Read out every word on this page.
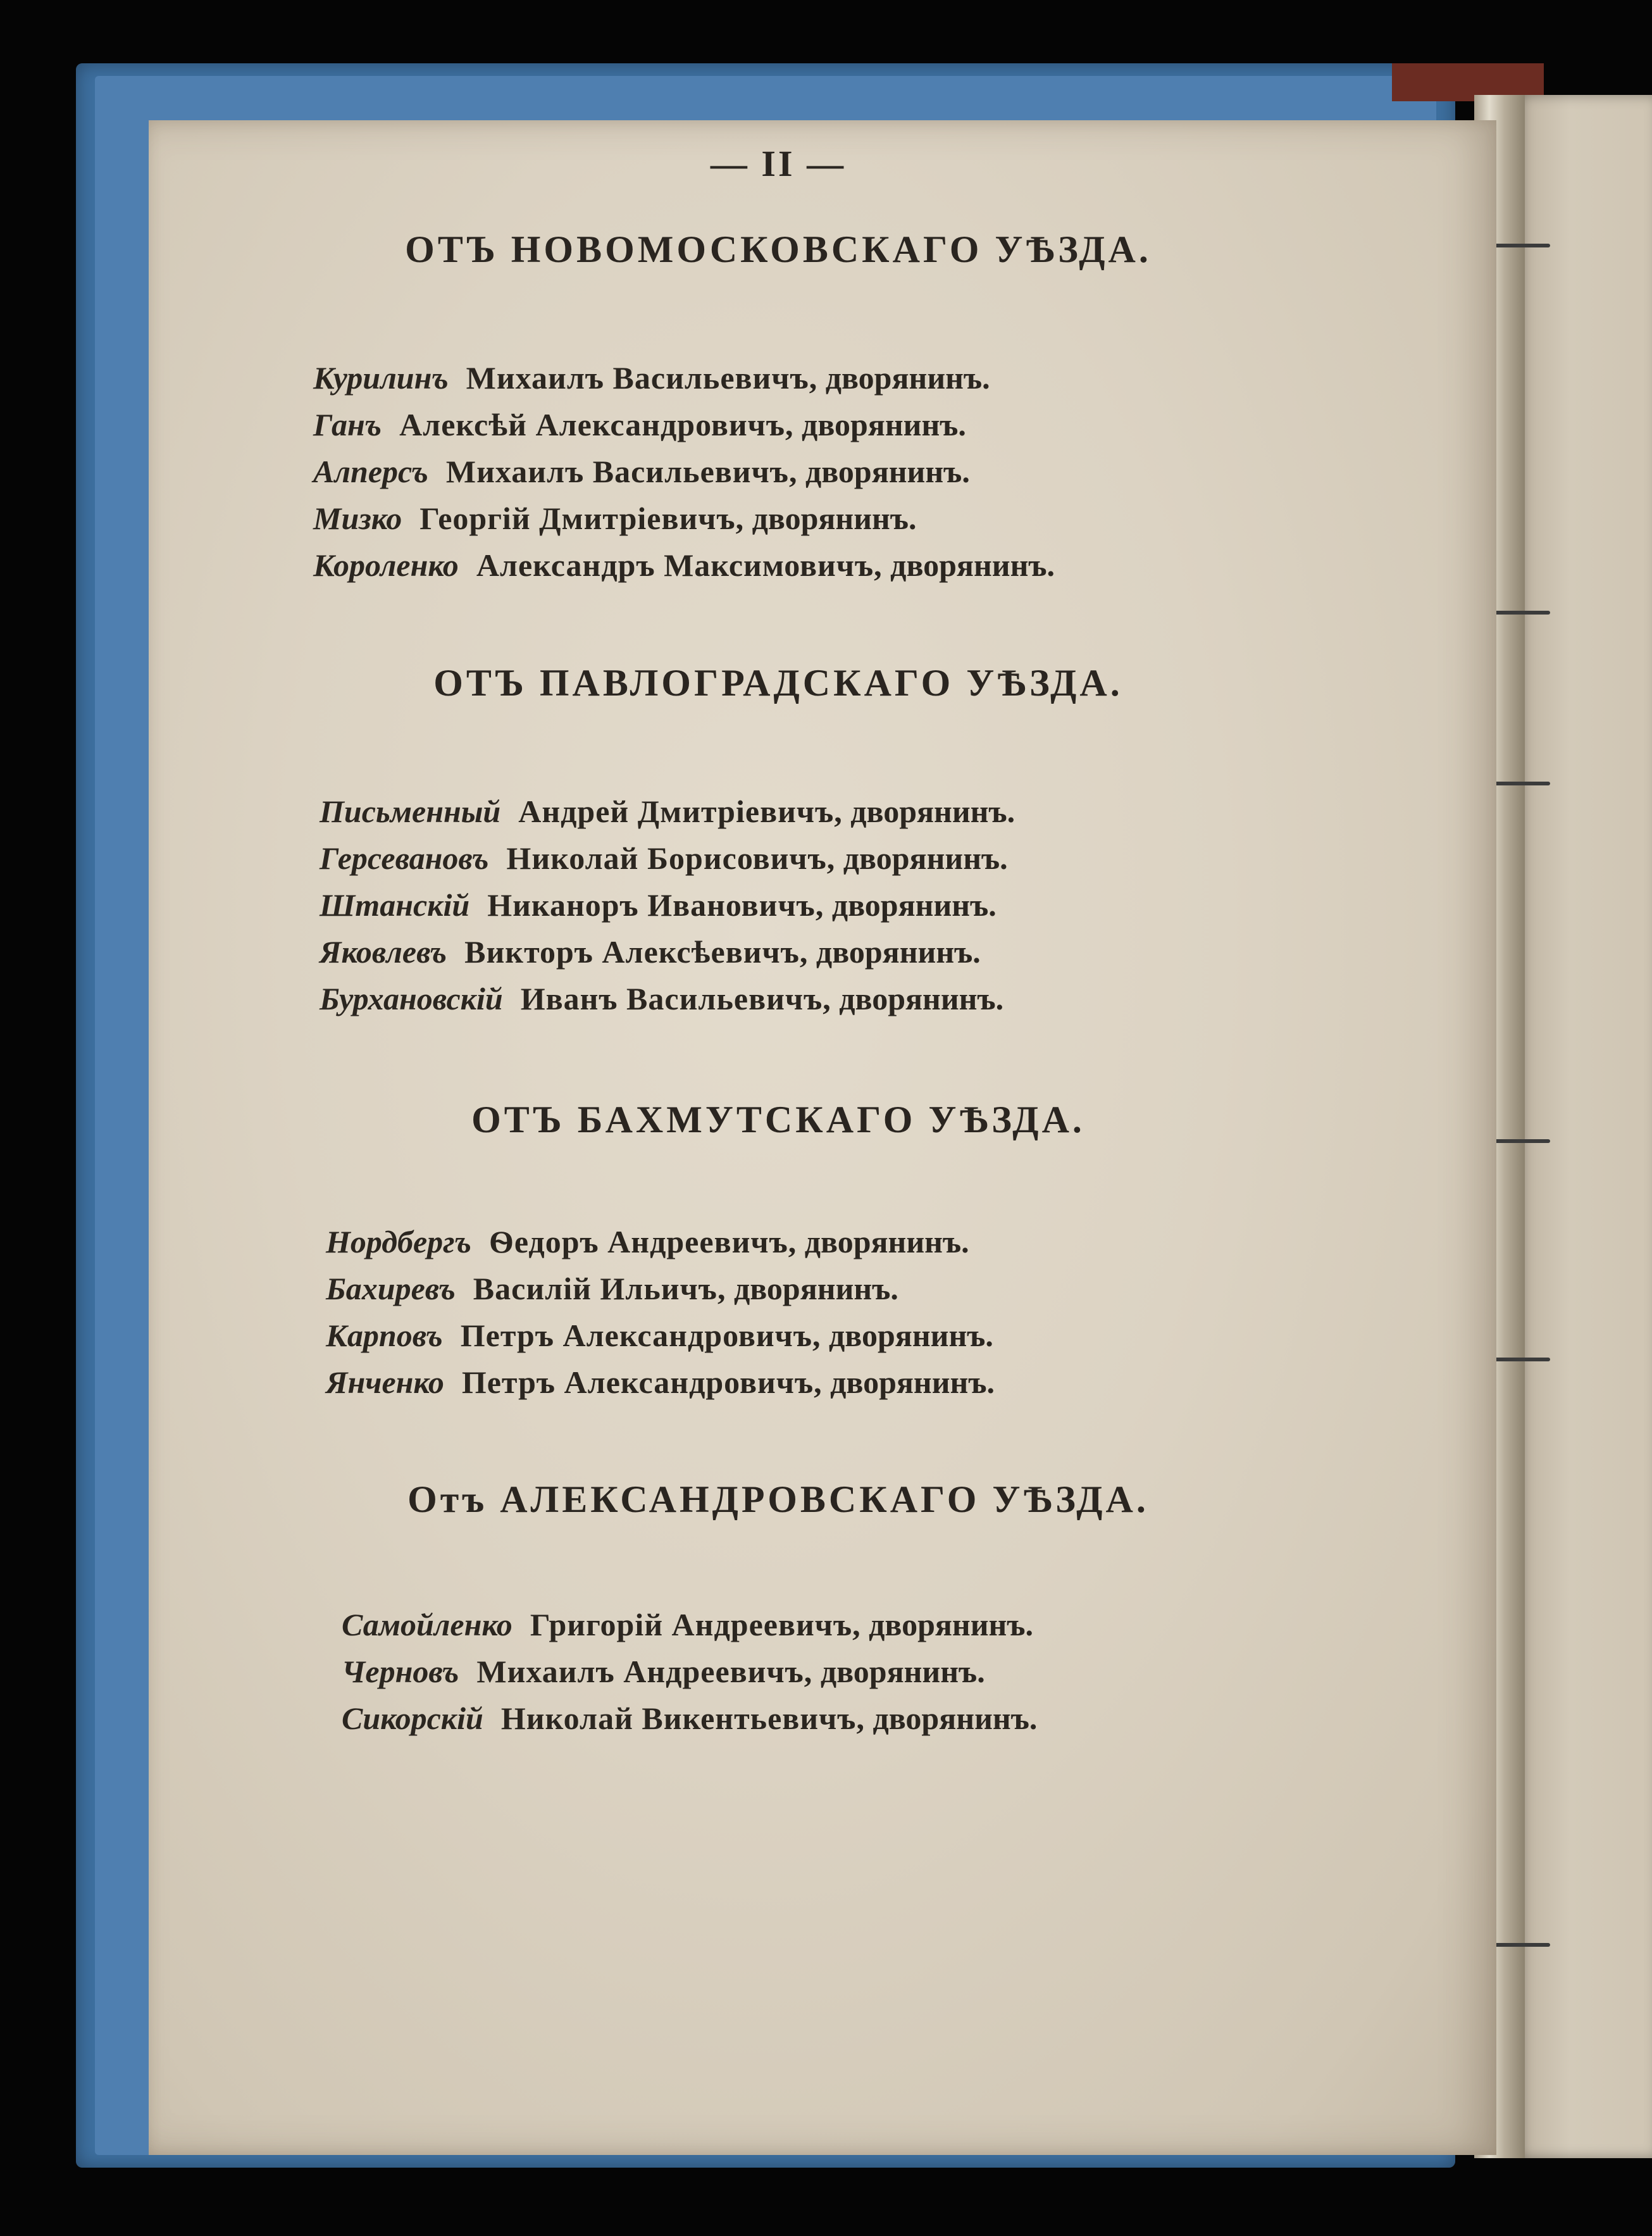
— II —
ОТЪ НОВОМОСКОВСКАГО УѢЗДА.
Курилинъ Михаилъ Васильевичъ, дворянинъ.
Ганъ Алексѣй Александровичъ, дворянинъ.
Алперсъ Михаилъ Васильевичъ, дворянинъ.
Мизко Георгій Дмитріевичъ, дворянинъ.
Короленко Александръ Максимовичъ, дворянинъ.
ОТЪ ПАВЛОГРАДСКАГО УѢЗДА.
Письменный Андрей Дмитріевичъ, дворянинъ.
Герсевановъ Николай Борисовичъ, дворянинъ.
Штанскій Никаноръ Ивановичъ, дворянинъ.
Яковлевъ Викторъ Алексѣевичъ, дворянинъ.
Бурхановскій Иванъ Васильевичъ, дворянинъ.
ОТЪ БАХМУТСКАГО УѢЗДА.
Нордбергъ Ѳедоръ Андреевичъ, дворянинъ.
Бахиревъ Василій Ильичъ, дворянинъ.
Карповъ Петръ Александровичъ, дворянинъ.
Янченко Петръ Александровичъ, дворянинъ.
Отъ АЛЕКСАНДРОВСКАГО УѢЗДА.
Самойленко Григорій Андреевичъ, дворянинъ.
Черновъ Михаилъ Андреевичъ, дворянинъ.
Сикорскій Николай Викентьевичъ, дворянинъ.
